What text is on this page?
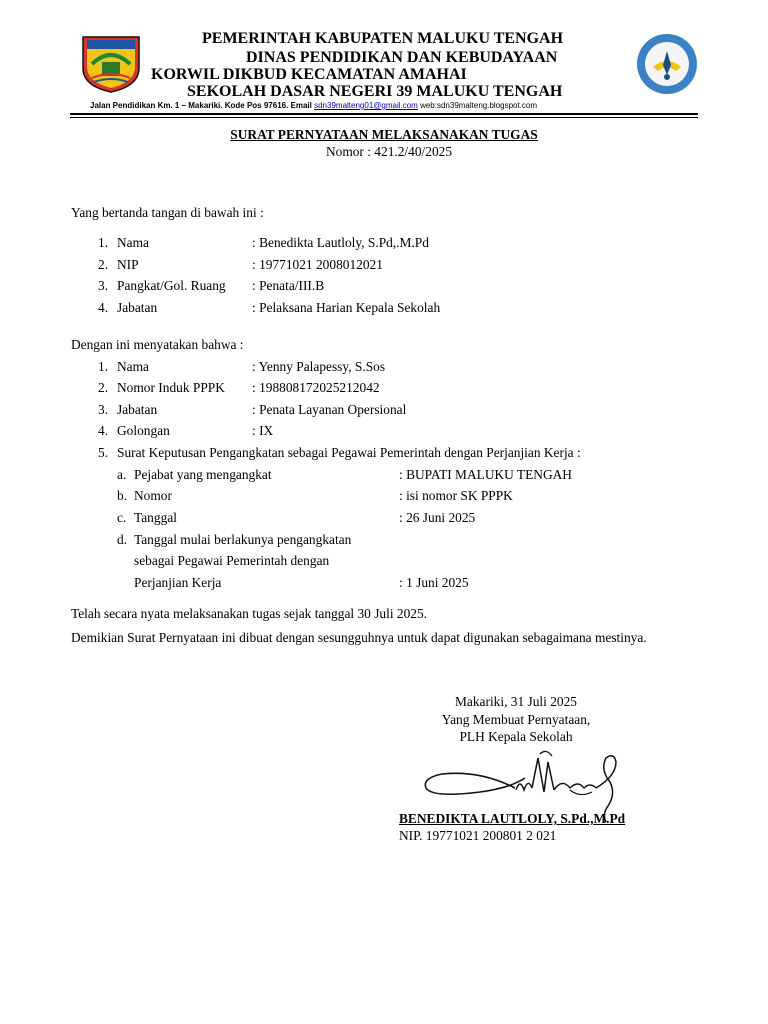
PEMERINTAH KABUPATEN MALUKU TENGAH
DINAS PENDIDIKAN DAN KEBUDAYAAN
KORWIL DIKBUD KECAMATAN AMAHAI
SEKOLAH DASAR NEGERI 39 MALUKU TENGAH
Jalan Pendidikan Km. 1 – Makariki. Kode Pos 97616. Email sdn39malteng01@gmail.com web:sdn39malteng.blogspot.com
SURAT PERNYATAAN MELAKSANAKAN TUGAS
Nomor : 421.2/40/2025
Yang bertanda tangan di bawah ini :
1. Nama	: Benedikta Lautloly, S.Pd,.M.Pd
2. NIP	: 19771021 2008012021
3. Pangkat/Gol. Ruang : Penata/III.B
4. Jabatan	: Pelaksana Harian Kepala Sekolah
Dengan ini menyatakan bahwa :
1. Nama	: Yenny Palapessy, S.Sos
2. Nomor Induk PPPK : 198808172025212042
3. Jabatan	: Penata Layanan Opersional
4. Golongan	: IX
5. Surat Keputusan Pengangkatan sebagai Pegawai Pemerintah dengan Perjanjian Kerja :
a. Pejabat yang mengangkat	: BUPATI MALUKU TENGAH
b. Nomor	: isi nomor SK PPPK
c. Tanggal	: 26 Juni 2025
d. Tanggal mulai berlakunya pengangkatan
sebagai Pegawai Pemerintah dengan
Perjanjian Kerja	: 1 Juni 2025
Telah secara nyata melaksanakan tugas sejak tanggal 30 Juli 2025.
Demikian Surat Pernyataan ini dibuat dengan sesungguhnya untuk dapat digunakan sebagaimana mestinya.
Makariki, 31 Juli 2025
Yang Membuat Pernyataan,
PLH Kepala Sekolah
BENEDIKTA LAUTLOLY, S.Pd.,M.Pd
NIP. 19771021 200801 2 021
